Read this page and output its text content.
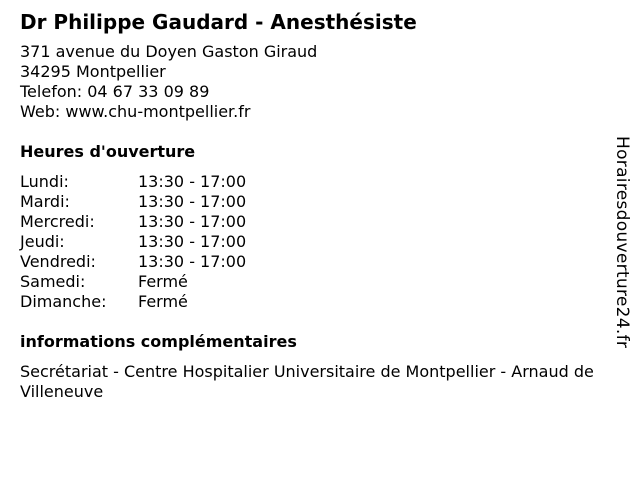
Dr Philippe Gaudard - Anesthésiste
371 avenue du Doyen Gaston Giraud
34295 Montpellier
Telefon: 04 67 33 09 89
Web: www.chu-montpellier.fr
Heures d'ouverture
Lundi:	13:30 - 17:00
Mardi:	13:30 - 17:00
Mercredi:	13:30 - 17:00
Jeudi:	13:30 - 17:00
Vendredi:	13:30 - 17:00
Samedi:	Fermé
Dimanche:	Fermé
informations complémentaires
Secrétariat - Centre Hospitalier Universitaire de Montpellier - Arnaud de Villeneuve
Horairesdouverture24.fr
